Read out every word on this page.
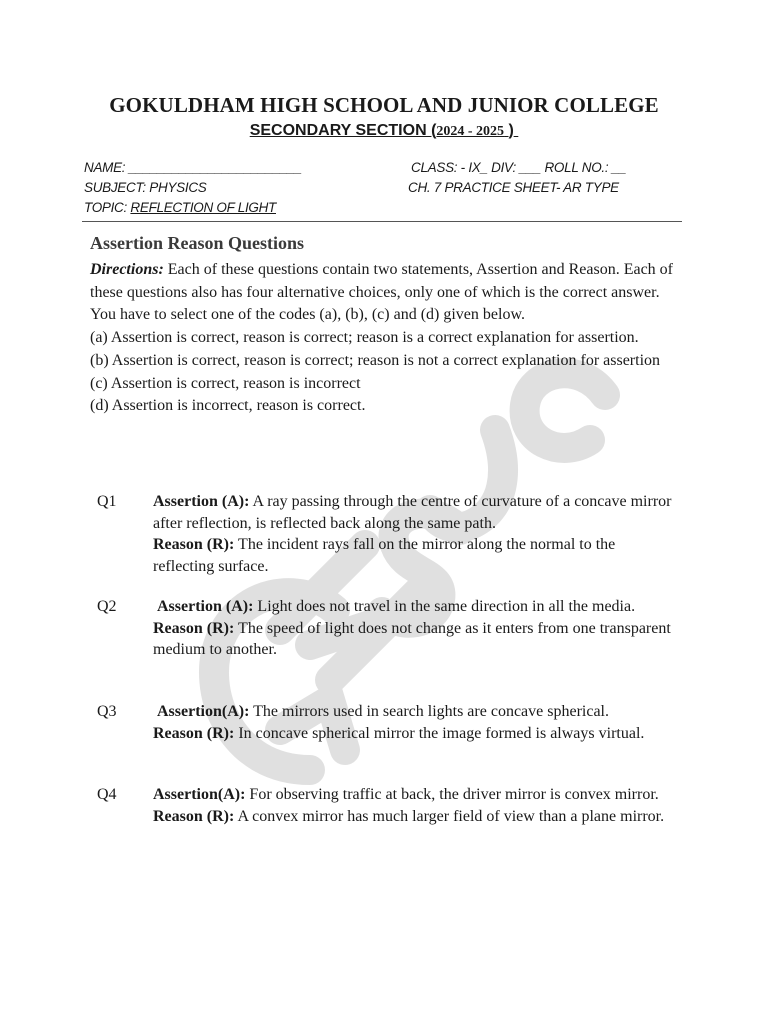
GOKULDHAM HIGH SCHOOL AND JUNIOR COLLEGE
SECONDARY SECTION (2024 - 2025 )
NAME: ________________________	CLASS: - IX_ DIV: ___ ROLL NO.: __
SUBJECT: PHYSICS	CH. 7 PRACTICE SHEET- AR TYPE
TOPIC: REFLECTION OF LIGHT
Assertion Reason Questions

Directions: Each of these questions contain two statements, Assertion and Reason. Each of these questions also has four alternative choices, only one of which is the correct answer. You have to select one of the codes (a), (b), (c) and (d) given below.

(a) Assertion is correct, reason is correct; reason is a correct explanation for assertion.

(b) Assertion is correct, reason is correct; reason is not a correct explanation for assertion

(c) Assertion is correct, reason is incorrect

(d) Assertion is incorrect, reason is correct.

Q1 Assertion (A): A ray passing through the centre of curvature of a concave mirror after reflection, is reflected back along the same path.

Reason (R): The incident rays fall on the mirror along the normal to the reflecting surface.

Q2 Assertion (A): Light does not travel in the same direction in all the media.

Reason (R): The speed of light does not change as it enters from one transparent medium to another.

Q3 Assertion(A): The mirrors used in search lights are concave spherical.

Reason (R): In concave spherical mirror the image formed is always virtual.

Q4 Assertion(A): For observing traffic at back, the driver mirror is convex mirror.

Reason (R): A convex mirror has much larger field of view than a plane mirror.
